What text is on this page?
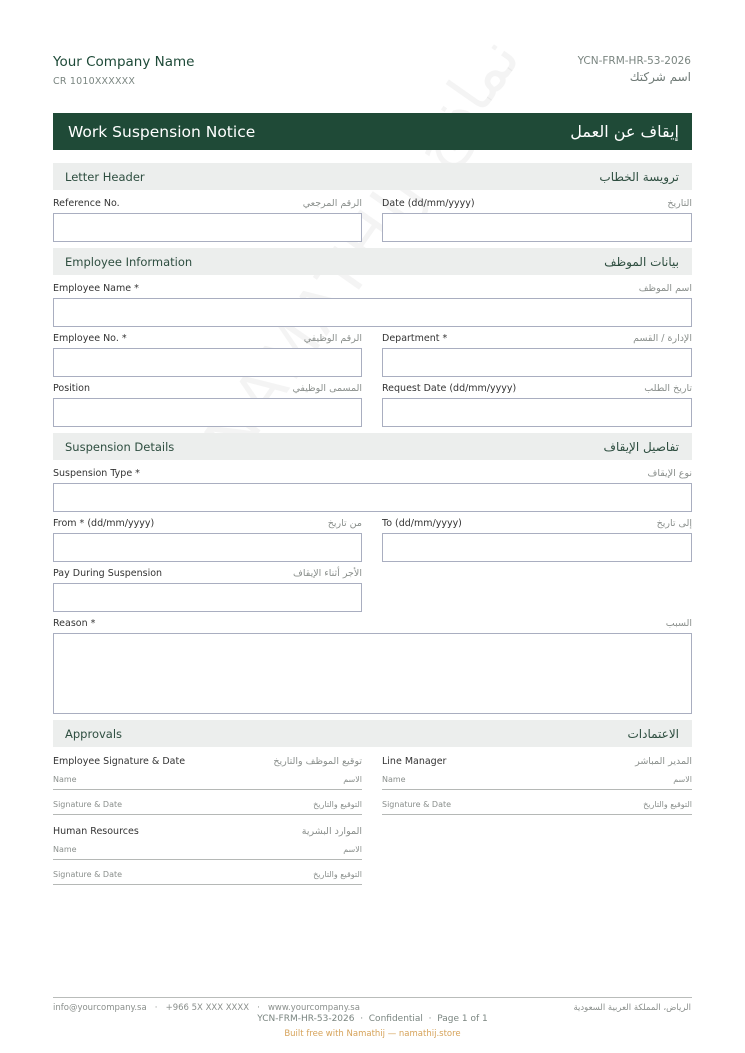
Your Company Name
CR 1010XXXXXX
YCN-FRM-HR-53-2026
اسم شركتك
Work Suspension Notice	إيقاف عن العمل
Letter Header	ترويسة الخطاب
Reference No.	الرقم المرجعي Date (dd/mm/yyyy)	التاريخ
Employee Information	بيانات الموظف
Employee Name *	اسم الموظف
Employee No. *	الرقم الوظيفي Department *	الإدارة / القسم
Position	المسمى الوظيفي Request Date (dd/mm/yyyy)	تاريخ الطلب
Suspension Details	تفاصيل الإيقاف
Suspension Type *	نوع الإيقاف
From * (dd/mm/yyyy)	من تاريخ To (dd/mm/yyyy)	إلى تاريخ
Pay During Suspension	الأجر أثناء الإيقاف
Reason *	السبب
Approvals	الاعتمادات
Employee Signature & Date	توقيع الموظف والتاريخ
Name	الاسم
Signature & Date	التوقيع والتاريخ
Line Manager	المدير المباشر
Name	الاسم
Signature & Date	التوقيع والتاريخ
Human Resources	الموارد البشرية
Name	الاسم
Signature & Date	التوقيع والتاريخ
info@yourcompany.sa   ·   +966 5X XXX XXXX   ·   www.yourcompany.sa	الرياض، المملكة العربية السعودية
YCN-FRM-HR-53-2026  ·  Confidential  ·  Page 1 of 1
Built free with Namathij — namathij.store
